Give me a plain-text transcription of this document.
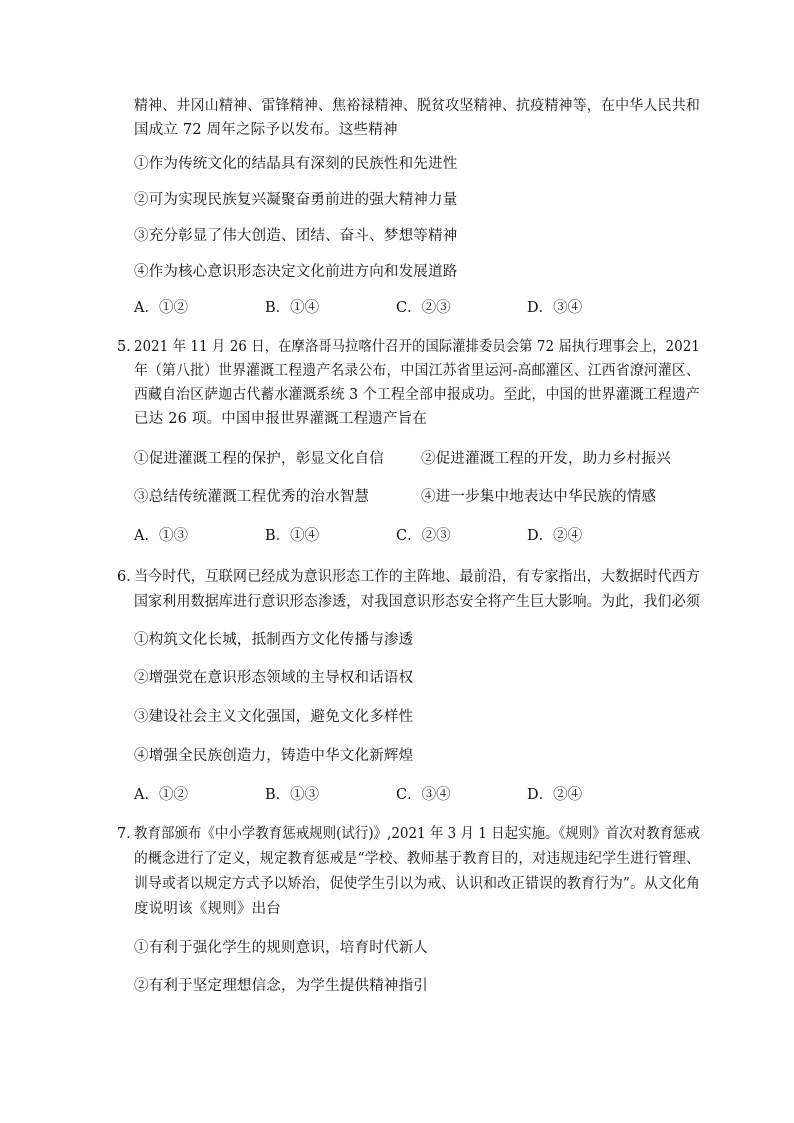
精神、井冈山精神、雷锋精神、焦裕禄精神、脱贫攻坚精神、抗疫精神等，在中华人民共和
国成立 72 周年之际予以发布。这些精神
①作为传统文化的结晶具有深刻的民族性和先进性
②可为实现民族复兴凝聚奋勇前进的强大精神力量
③充分彰显了伟大创造、团结、奋斗、梦想等精神
④作为核心意识形态决定文化前进方向和发展道路
A．①②	B．①④	C．②③	D．③④
5．
2021 年 11 月 26 日，在摩洛哥马拉喀什召开的国际灌排委员会第 72 届执行理事会上，2021
年（第八批）世界灌溉工程遗产名录公布，中国江苏省里运河-高邮灌区、江西省潦河灌区、
西藏自治区萨迦古代蓄水灌溉系统 3 个工程全部申报成功。至此，中国的世界灌溉工程遗产
已达 26 项。中国申报世界灌溉工程遗产旨在
①促进灌溉工程的保护，彰显文化自信	②促进灌溉工程的开发，助力乡村振兴
③总结传统灌溉工程优秀的治水智慧	④进一步集中地表达中华民族的情感
A．①③	B．①④	C．②③	D．②④
6．
当今时代，互联网已经成为意识形态工作的主阵地、最前沿，有专家指出，大数据时代西方
国家利用数据库进行意识形态渗透，对我国意识形态安全将产生巨大影响。为此，我们必须
①构筑文化长城，抵制西方文化传播与渗透
②增强党在意识形态领域的主导权和话语权
③建设社会主义文化强国，避免文化多样性
④增强全民族创造力，铸造中华文化新辉煌
A．①②	B．①③	C．③④	D．②④
7．
教育部颁布《中小学教育惩戒规则(试行)》,2021 年 3 月 1 日起实施。《规则》首次对教育惩戒
的概念进行了定义，规定教育惩戒是“学校、教师基于教育目的，对违规违纪学生进行管理、
训导或者以规定方式予以矫治，促使学生引以为戒、认识和改正错误的教育行为”。从文化角
度说明该《规则》出台
①有利于强化学生的规则意识，培育时代新人
②有利于坚定理想信念，为学生提供精神指引
